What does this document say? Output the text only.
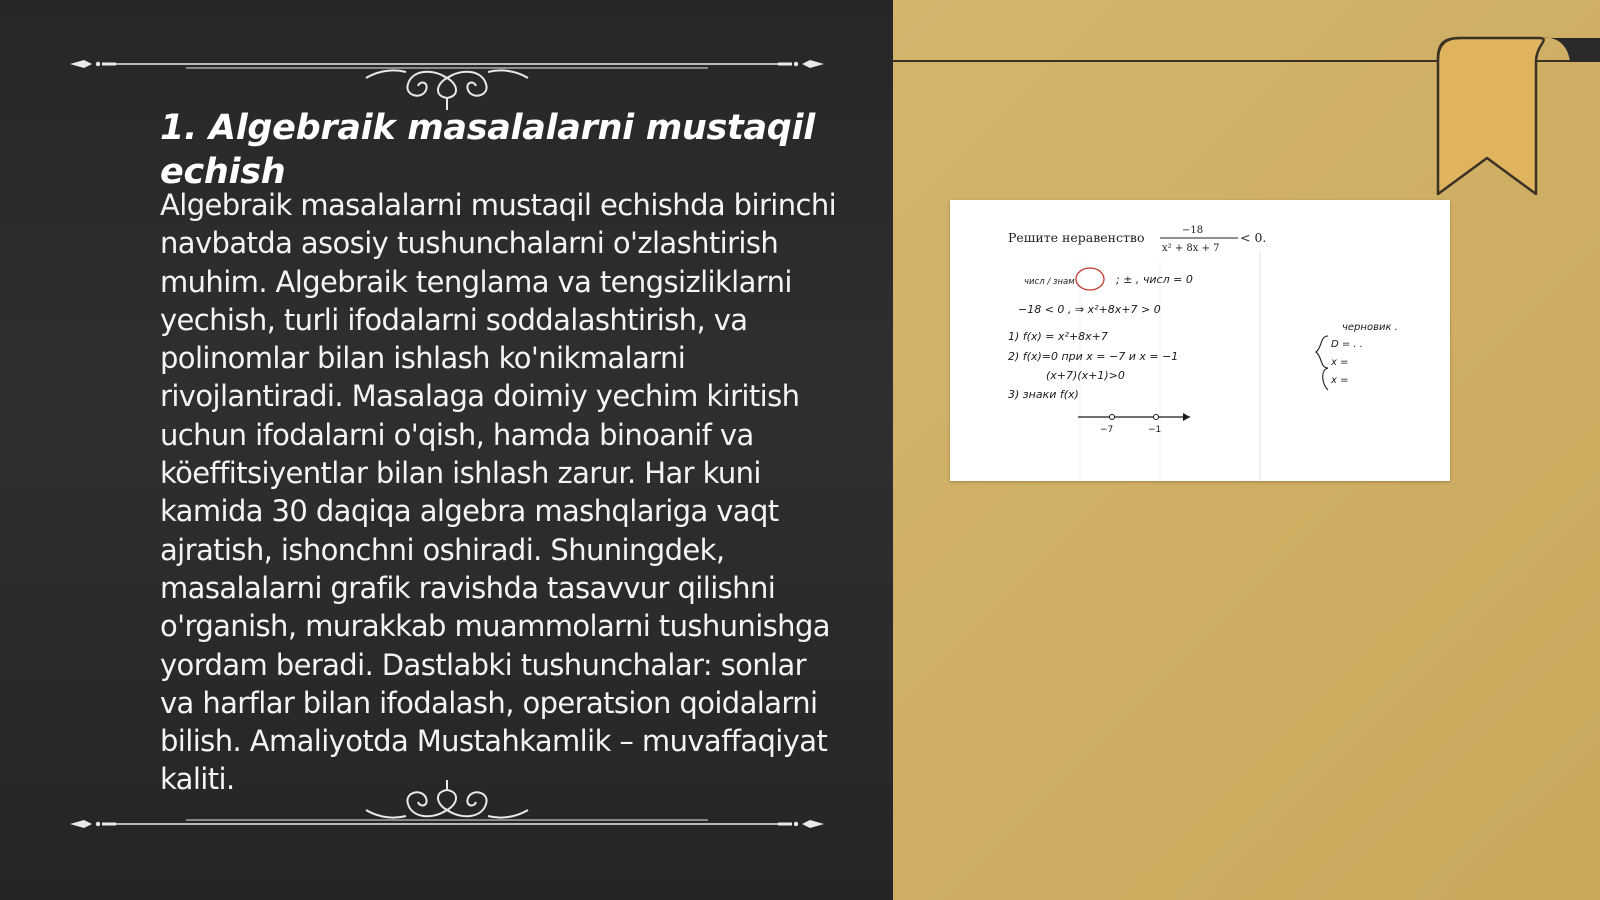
1. Algebraik masalalarni mustaqil echish

Algebraik masalalarni mustaqil echishda birinchi navbatda asosiy tushunchalarni o'zlashtirish muhim. Algebraik tenglama va tengsizliklarni yechish, turli ifodalarni soddalashtirish, va polinomlar bilan ishlash ko'nikmalarni rivojlantiradi. Masalaga doimiy yechim kiritish uchun ifodalarni o'qish, hamda binoanif va köeffitsiyentlar bilan ishlash zarur. Har kuni kamida 30 daqiqa algebra mashqlariga vaqt ajratish, ishonchni oshiradi. Shuningdek, masalalarni grafik ravishda tasavvur qilishni o'rganish, murakkab muammolarni tushunishga yordam beradi. Dastlabki tushunchalar: sonlar va harflar bilan ifodalash, operatsion qoidalarni bilish. Amaliyotda Mustahkamlik – muvaffaqiyat kaliti.

Решите неравенство	−18
x² + 8x + 7
< 0.
числ / знам	; ± , числ = 0
−18 < 0 , ⇒ x²+8x+7 > 0
1) f(x) = x²+8x+7
2) f(x)=0 при x = −7 и x = −1
(x+7)(x+1)>0
3) знаки f(x)
−7	−1
черновик .
D = . .
x =
x =
